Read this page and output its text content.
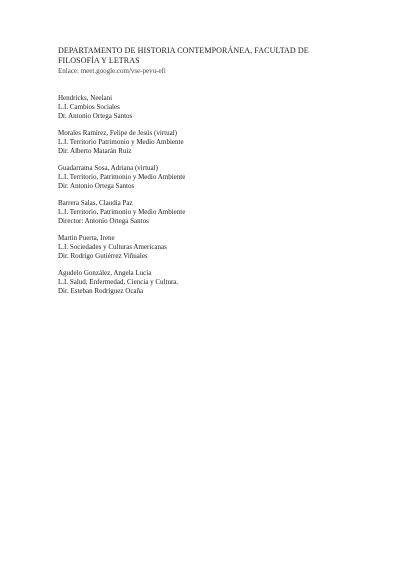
DEPARTAMENTO DE HISTORIA CONTEMPORÁNEA, FACULTAD DE

FILOSOFÍA Y LETRAS

Enlace: meet.google.com/vse-pevu-efi

Hendricks, Neelani
L.I. Cambios Sociales
Dr. Antonio Ortega Santos
Morales Ramírez, Felipe de Jesús (virtual)
L.I. Territorio Patrimonio y Medio Ambiente
Dir. Alberto Matarán Ruiz
Guadarrama Sosa, Adriana (virtual)
L.I. Territorio, Patrimonio y Medio Ambiente
Dir. Antonio Ortega Santos
Barrera Salas, Claudia Paz
L.I. Territorio, Patrimonio y Medio Ambiente
Director: Antonio Ortega Santos
Martin Puerta, Irene
L.I. Sociedades y Culturas Americanas
Dir. Rodrigo Gutiérrez Viñuales
Agudelo González, Angela Lucía
L.I. Salud, Enfermedad, Ciencia y Cultura.
Dir. Esteban Rodríguez Ocaña
